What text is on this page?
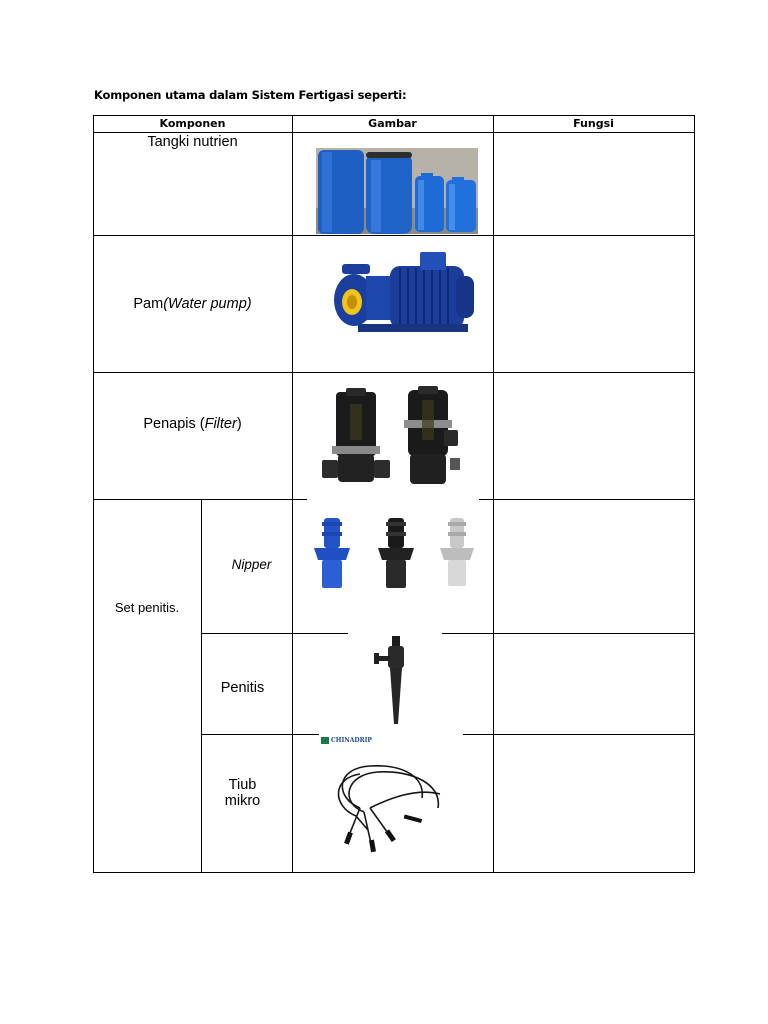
Komponen utama dalam Sistem Fertigasi seperti:
Komponen	Gambar	Fungsi
Tangki nutrien
Pam(Water pump)
Penapis (Filter)
Set penitis.
Nipper
Penitis
Tiub
mikro
CHINADRIP
